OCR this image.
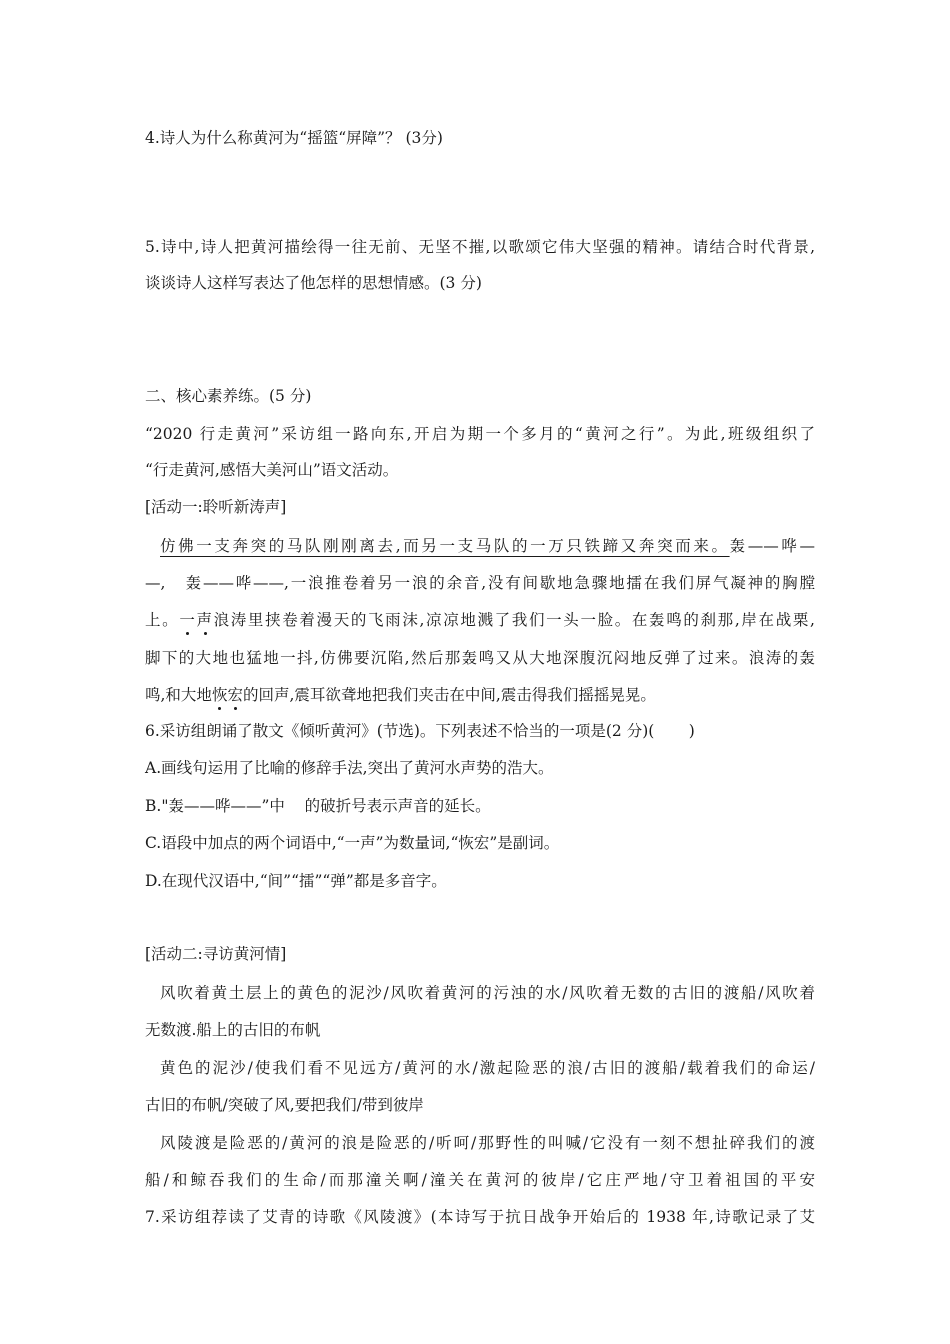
4.诗人为什么称黄河为“摇篮“屏障”？ (3分)
5.诗中,诗人把黄河描绘得一往无前、无坚不摧,以歌颂它伟大坚强的精神。请结合时代背景,
谈谈诗人这样写表达了他怎样的思想情感。(3 分)
二、核心素养练。(5 分)
“2020 行走黄河”采访组一路向东,开启为期一个多月的“黄河之行”。为此,班级组织了
“行走黄河,感悟大美河山”语文活动。
[活动一:聆听新涛声]
仿佛一支奔突的马队刚刚离去,而另一支马队的一万只铁蹄又奔突而来。轰——哗—
—,   轰——哗——,一浪推卷着另一浪的余音,没有间歇地急骤地擂在我们屏气凝神的胸膛
上。一声浪涛里挟卷着漫天的飞雨沫,凉凉地溅了我们一头一脸。在轰鸣的刹那,岸在战栗,
脚下的大地也猛地一抖,仿佛要沉陷,然后那轰鸣又从大地深腹沉闷地反弹了过来。浪涛的轰
鸣,和大地恢宏的回声,震耳欲聋地把我们夹击在中间,震击得我们摇摇晃晃。
6.采访组朗诵了散文《倾听黄河》(节选)。下列表述不恰当的一项是(2 分)(       )
A.画线句运用了比喻的修辞手法,突出了黄河水声势的浩大。
B."轰——哗——”中    的破折号表示声音的延长。
C.语段中加点的两个词语中,“一声”为数量词,“恢宏”是副词。
D.在现代汉语中,“间”“擂”“弹”都是多音字。
[活动二:寻访黄河情]
风吹着黄土层上的黄色的泥沙/风吹着黄河的污浊的水/风吹着无数的古旧的渡船/风吹着
无数渡.船上的古旧的布帆
黄色的泥沙/使我们看不见远方/黄河的水/激起险恶的浪/古旧的渡船/载着我们的命运/
古旧的布帆/突破了风,要把我们/带到彼岸
风陵渡是险恶的/黄河的浪是险恶的/听呵/那野性的叫喊/它没有一刻不想扯碎我们的渡
船/和鲸吞我们的生命/而那潼关啊/潼关在黄河的彼岸/它庄严地/守卫着祖国的平安
7.采访组荐读了艾青的诗歌《风陵渡》(本诗写于抗日战争开始后的 1938 年,诗歌记录了艾
